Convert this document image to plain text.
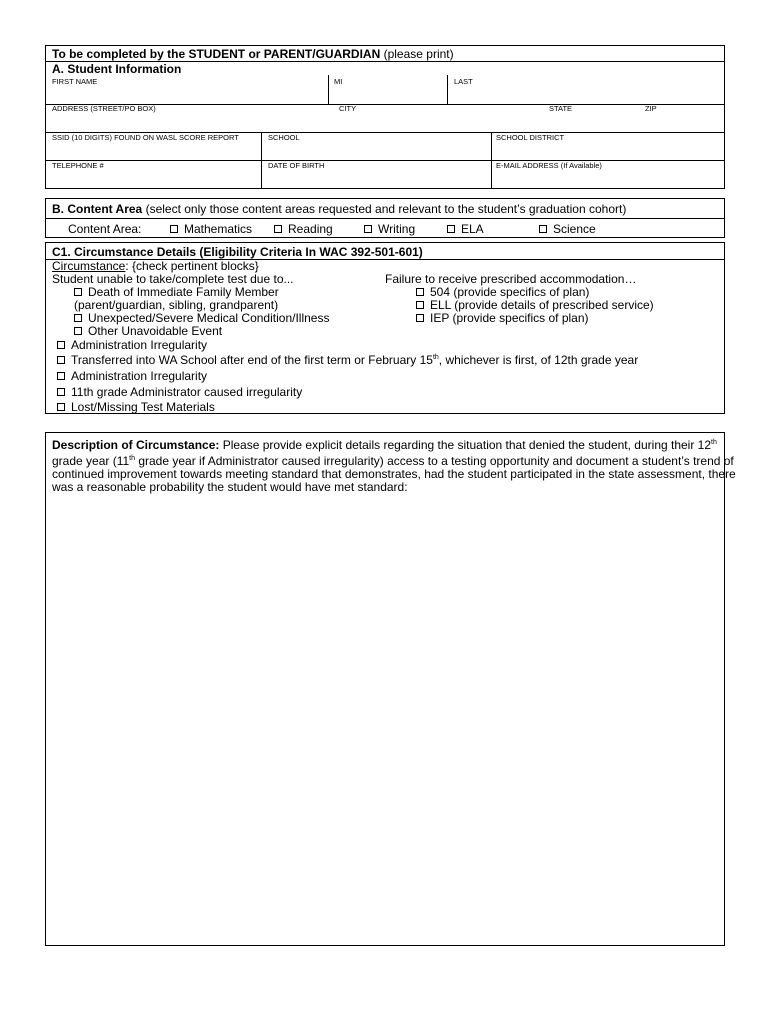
To be completed by the STUDENT or PARENT/GUARDIAN (please print)
A. Student Information
FIRST NAME	MI	LAST
ADDRESS (STREET/PO BOX)	CITY	STATE	ZIP
SSID (10 DIGITS) FOUND ON WASL SCORE REPORT	SCHOOL	SCHOOL DISTRICT
TELEPHONE #	DATE OF BIRTH	E-MAIL ADDRESS (If Available)
B. Content Area (select only those content areas requested and relevant to the student’s graduation cohort)
Content Area:	Mathematics	Reading	Writing	ELA	Science
C1. Circumstance Details (Eligibility Criteria In WAC 392-501-601)
Circumstance: {check pertinent blocks}
Student unable to take/complete test due to...
Death of Immediate Family Member
(parent/guardian, sibling, grandparent)
Unexpected/Severe Medical Condition/Illness
Other Unavoidable Event
Failure to receive prescribed accommodation…
504 (provide specifics of plan)
ELL (provide details of prescribed service)
IEP (provide specifics of plan)
Administration Irregularity
Transferred into WA School after end of the first term or February 15th, whichever is first, of 12th grade year
Administration Irregularity
11th grade Administrator caused irregularity
Lost/Missing Test Materials
Description of Circumstance: Please provide explicit details regarding the situation that denied the student, during their 12th
grade year (11th grade year if Administrator caused irregularity) access to a testing opportunity and document a student’s trend of
continued improvement towards meeting standard that demonstrates, had the student participated in the state assessment, there
was a reasonable probability the student would have met standard:
